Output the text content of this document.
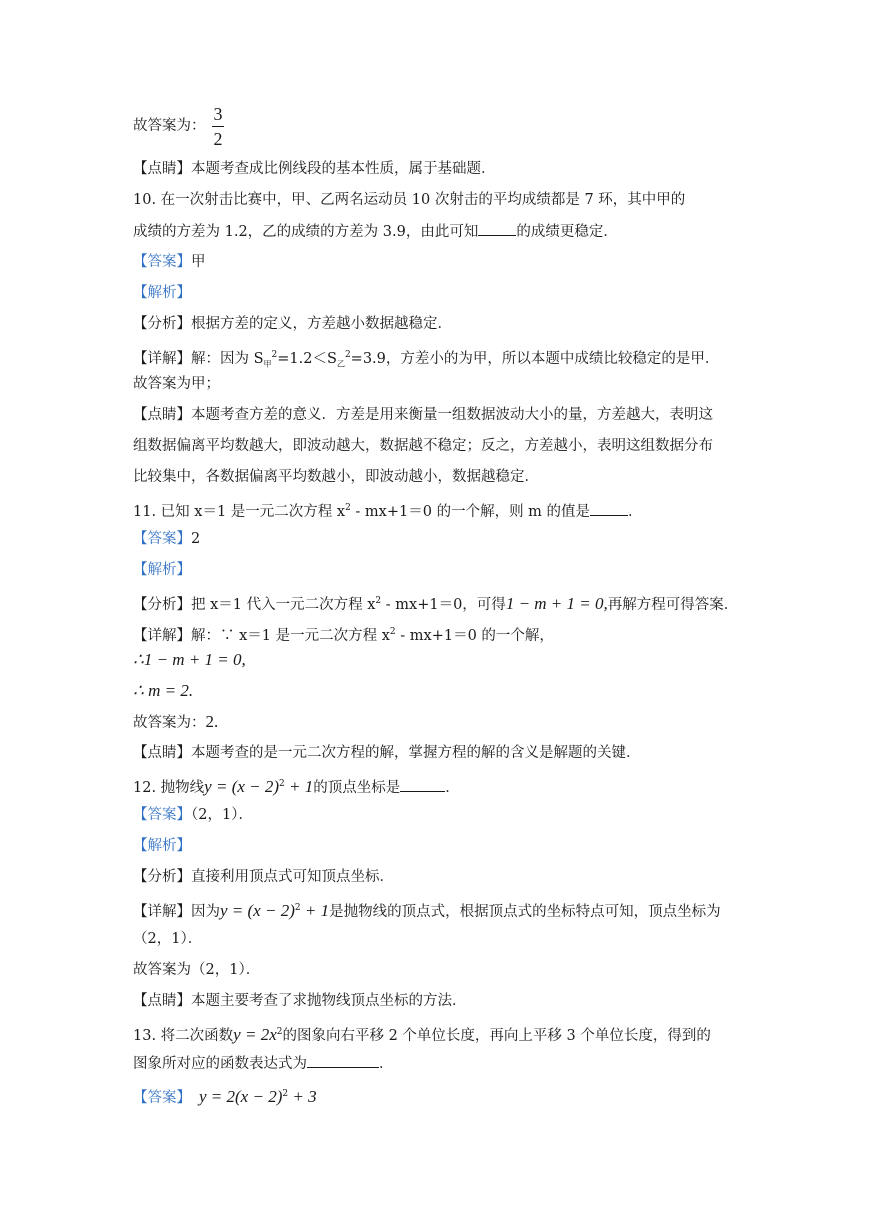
故答案为：
3
2
【点睛】本题考查成比例线段的基本性质，属于基础题．
10. 在一次射击比赛中，甲、乙两名运动员 10 次射击的平均成绩都是 7 环，其中甲的
成绩的方差为 1.2，乙的成绩的方差为 3.9，由此可知	的成绩更稳定．
【答案】甲
【解析】
【分析】根据方差的定义，方差越小数据越稳定．
【详解】解：因为 $S_甲^2=1.2<S_乙^2=3.9$，方差小的为甲，所以本题中成绩比较稳定的是甲．
故答案为甲；
【点睛】本题考查方差的意义．方差是用来衡量一组数据波动大小的量，方差越大，表明这
组数据偏离平均数越大，即波动越大，数据越不稳定；反之，方差越小，表明这组数据分布
比较集中，各数据偏离平均数越小，即波动越小，数据越稳定．
11. 已知 x＝1 是一元二次方程 $x^2 - mx+1=0$ 的一个解，则 m 的值是	．
【答案】2
【解析】
【分析】把 x＝1 代入一元二次方程 $x^2 - mx+1=0$，可得1 − m + 1 = 0,再解方程可得答案．
【详解】解：∵ x＝1 是一元二次方程 $x^2 - mx+1=0$ 的一个解，
∴1 − m + 1 = 0,
∴ m = 2.
故答案为：2.
【点睛】本题考查的是一元二次方程的解，掌握方程的解的含义是解题的关键．
12. 抛物线$y = (x - 2)^2 + 1$的顶点坐标是	．
【答案】（2，1）．
【解析】
【分析】直接利用顶点式可知顶点坐标．
【详解】因为$y = (x - 2)^2 + 1$是抛物线的顶点式，根据顶点式的坐标特点可知，顶点坐标为
（2，1）．
故答案为（2，1）．
【点睛】本题主要考查了求抛物线顶点坐标的方法．
13. 将二次函数$y = 2x^2$的图象向右平移 2 个单位长度，再向上平移 3 个单位长度，得到的
图象所对应的函数表达式为	．
【答案】 $y = 2(x - 2)^2 + 3$
